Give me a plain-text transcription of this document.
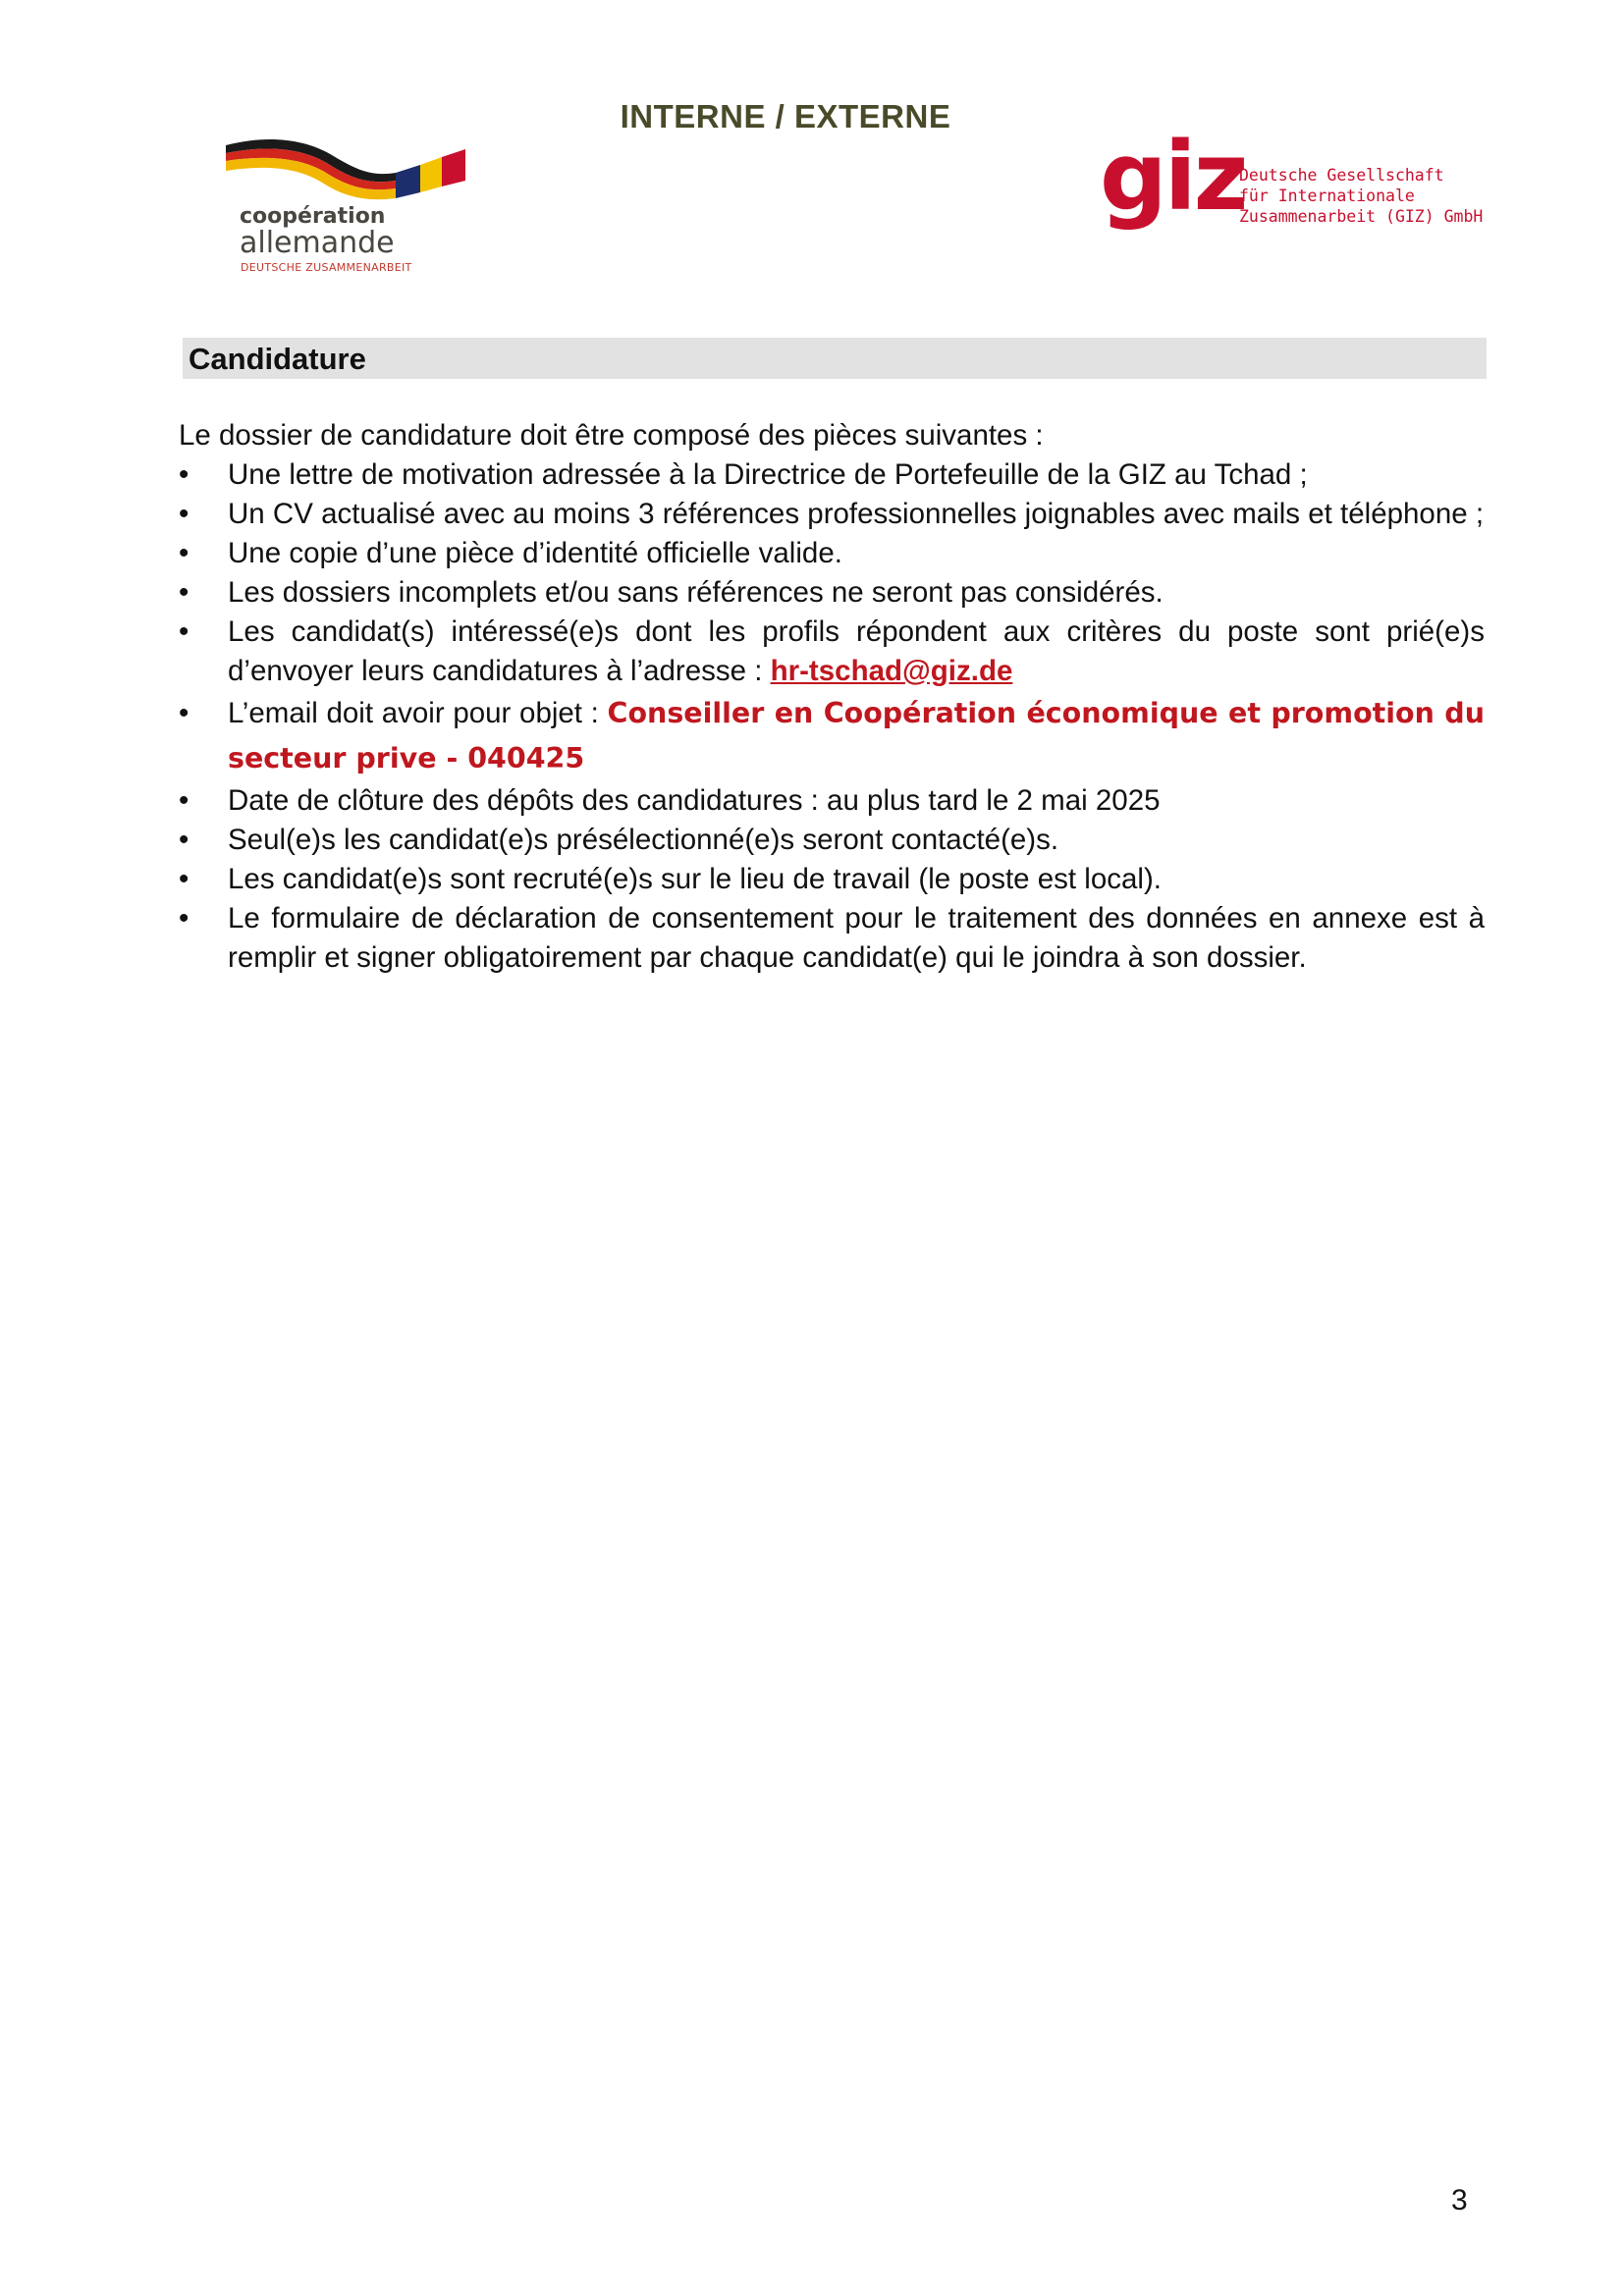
INTERNE / EXTERNE
coopération
allemande
DEUTSCHE ZUSAMMENARBEIT
giz
Deutsche Gesellschaft
für Internationale
Zusammenarbeit (GIZ) GmbH
Candidature

Le dossier de candidature doit être composé des pièces suivantes :

• Une lettre de motivation adressée à la Directrice de Portefeuille de la GIZ au Tchad ;
• Un CV actualisé avec au moins 3 références professionnelles joignables avec mails et téléphone ;
• Une copie d’une pièce d’identité officielle valide.
• Les dossiers incomplets et/ou sans références ne seront pas considérés.
• Les candidat(s) intéressé(e)s dont les profils répondent aux critères du poste sont prié(e)s d’envoyer leurs candidatures à l’adresse : hr-tschad@giz.de
• L’email doit avoir pour objet : Conseiller en Coopération économique et promotion du secteur prive - 040425
• Date de clôture des dépôts des candidatures : au plus tard le 2 mai 2025
• Seul(e)s les candidat(e)s présélectionné(e)s seront contacté(e)s.
• Les candidat(e)s sont recruté(e)s sur le lieu de travail (le poste est local).
• Le formulaire de déclaration de consentement pour le traitement des données en annexe est à remplir et signer obligatoirement par chaque candidat(e) qui le joindra à son dossier.
3
